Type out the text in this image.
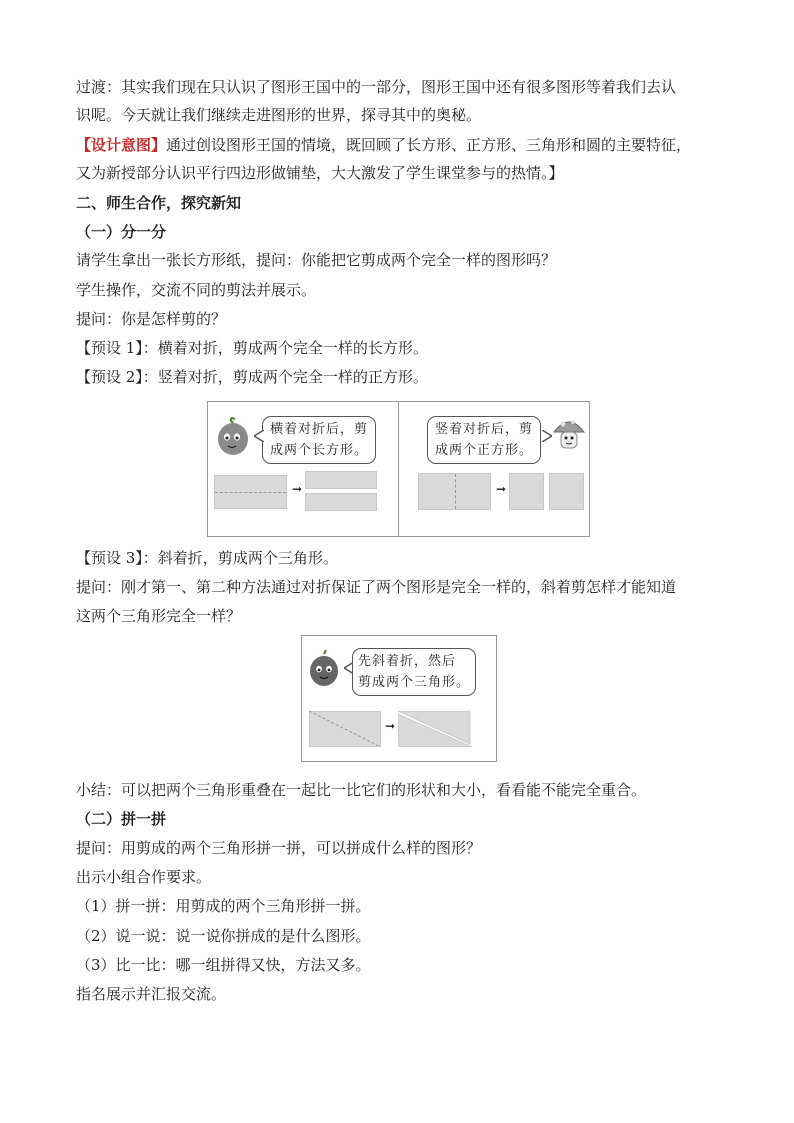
过渡：其实我们现在只认识了图形王国中的一部分，图形王国中还有很多图形等着我们去认
识呢。今天就让我们继续走进图形的世界，探寻其中的奥秘。
【设计意图】通过创设图形王国的情境，既回顾了长方形、正方形、三角形和圆的主要特征，
又为新授部分认识平行四边形做铺垫，大大激发了学生课堂参与的热情。】
二、师生合作，探究新知
（一）分一分
请学生拿出一张长方形纸，提问：你能把它剪成两个完全一样的图形吗？
学生操作，交流不同的剪法并展示。
提问：你是怎样剪的？
【预设 1】：横着对折，剪成两个完全一样的长方形。
【预设 2】：竖着对折，剪成两个完全一样的正方形。
横着对折后，剪
成两个长方形。
➞
竖着对折后，剪
成两个正方形。
➞
【预设 3】：斜着折，剪成两个三角形。
提问：刚才第一、第二种方法通过对折保证了两个图形是完全一样的，斜着剪怎样才能知道
这两个三角形完全一样？
先斜着折，然后
剪成两个三角形。
➞
小结：可以把两个三角形重叠在一起比一比它们的形状和大小，看看能不能完全重合。
（二）拼一拼
提问：用剪成的两个三角形拼一拼，可以拼成什么样的图形？
出示小组合作要求。
（1）拼一拼：用剪成的两个三角形拼一拼。
（2）说一说：说一说你拼成的是什么图形。
（3）比一比：哪一组拼得又快，方法又多。
指名展示并汇报交流。
